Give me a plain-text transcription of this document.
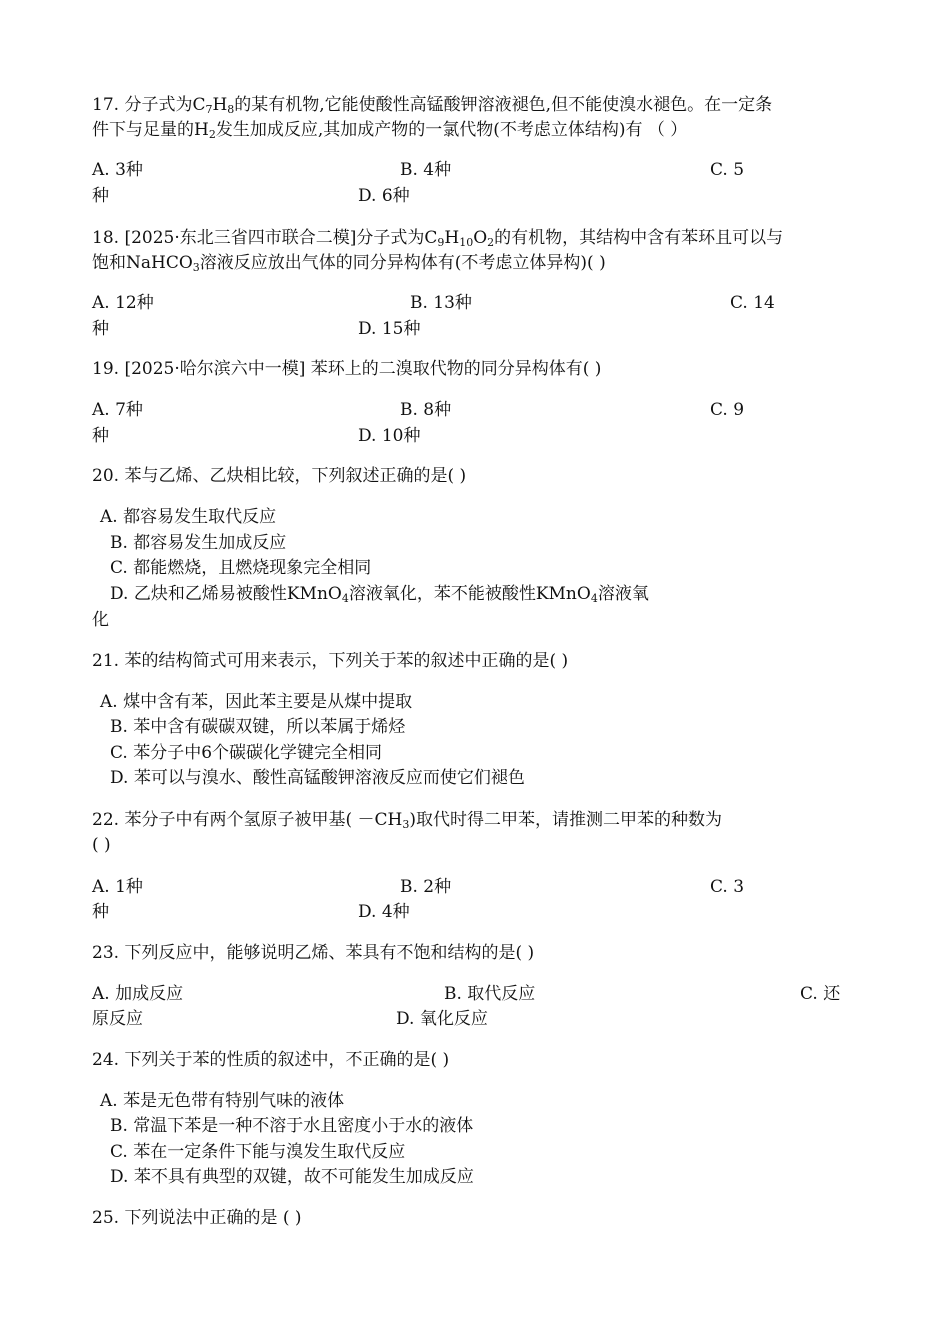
17. 分子式为$C_7H_8$的某有机物,它能使酸性高锰酸钾溶液褪色,但不能使溴水褪色。在一定条
件下与足量的$H_2$发生加成反应,其加成产物的一氯代物(不考虑立体结构)有 （ ）
A. 3种	B. 4种	C. 5
种	D. 6种
18. [2025·东北三省四市联合二模]分子式为$C_9H_{10}O_2$的有机物，其结构中含有苯环且可以与
饱和NaHCO$_3$溶液反应放出气体的同分异构体有(不考虑立体异构)( )
A. 12种	B. 13种	C. 14
种	D. 15种
19. [2025·哈尔滨六中一模] 苯环上的二溴取代物的同分异构体有( )
A. 7种	B. 8种	C. 9
种	D. 10种
20. 苯与乙烯、乙炔相比较，下列叙述正确的是( )
A. 都容易发生取代反应
B. 都容易发生加成反应
C. 都能燃烧，且燃烧现象完全相同
D. 乙炔和乙烯易被酸性KMnO$_4$溶液氧化，苯不能被酸性KMnO$_4$溶液氧
化
21. 苯的结构简式可用来表示，下列关于苯的叙述中正确的是( )
A. 煤中含有苯，因此苯主要是从煤中提取
B. 苯中含有碳碳双键，所以苯属于烯烃
C. 苯分子中6个碳碳化学键完全相同
D. 苯可以与溴水、酸性高锰酸钾溶液反应而使它们褪色
22. 苯分子中有两个氢原子被甲基( $-CH_3$)取代时得二甲苯，请推测二甲苯的种数为
( )
A. 1种	B. 2种	C. 3
种	D. 4种
23. 下列反应中，能够说明乙烯、苯具有不饱和结构的是( )
A. 加成反应	B. 取代反应	C. 还
原反应	D. 氧化反应
24. 下列关于苯的性质的叙述中，不正确的是( )
A. 苯是无色带有特别气味的液体
B. 常温下苯是一种不溶于水且密度小于水的液体
C. 苯在一定条件下能与溴发生取代反应
D. 苯不具有典型的双键，故不可能发生加成反应
25. 下列说法中正确的是 ( )
